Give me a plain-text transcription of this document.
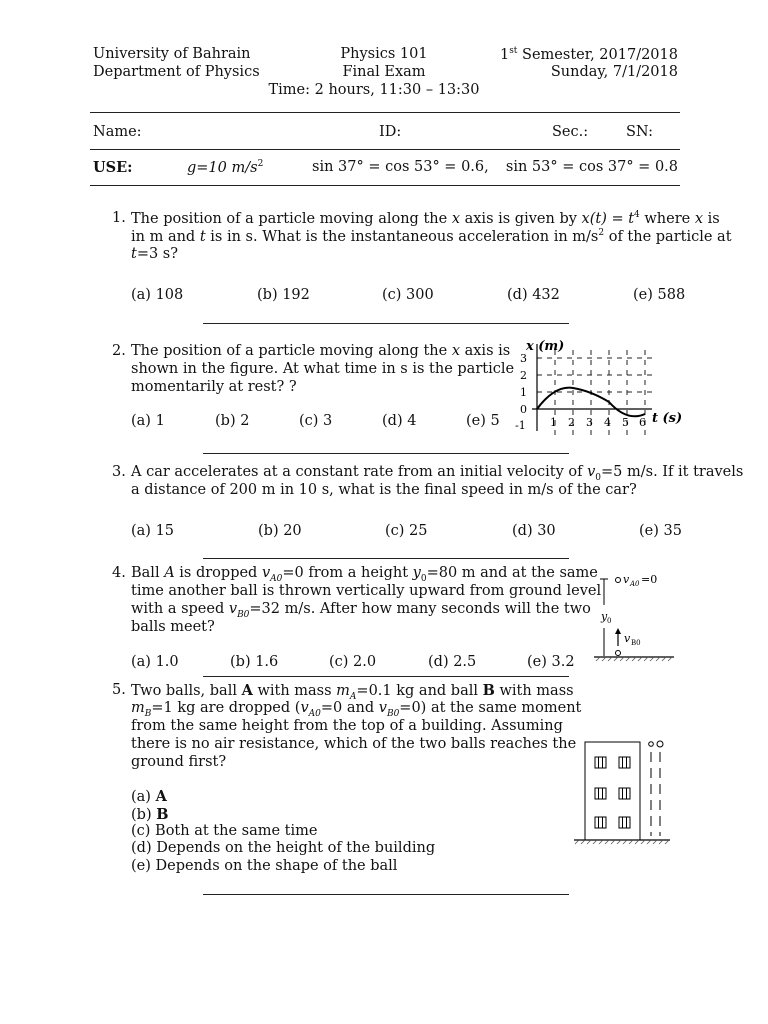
University of Bahrain
Department of Physics
Physics 101
Final Exam
Time: 2 hours, 11:30 – 13:30
1st Semester, 2017/2018
Sunday, 7/1/2018
Name:	ID:	Sec.:	SN:
USE:	g=10 $m/s^2$	sin 37° = cos 53° = 0.6, sin 53° = cos 37° = 0.8
1. The position of a particle moving along the x axis is given by $x(t) = t^4$ where x is
in m and t is in s. What is the instantaneous acceleration in $m/s^2$ of the particle at
t=3 s?
(a) 108	(b) 192	(c) 300	(d) 432	(e) 588
2. The position of a particle moving along the x axis is
shown in the figure. At what time in s is the particle
momentarily at rest? ?
(a) 1	(b) 2	(c) 3	(d) 4	(e) 5
x (m)
t (s)
3
2
1
0
-1 1 2 3 4 5 6
3. A car accelerates at a constant rate from an initial velocity of $v_0=5$ m/s. If it travels
a distance of 200 m in 10 s, what is the final speed in m/s of the car?
(a) 15	(b) 20	(c) 25	(d) 30	(e) 35
4. Ball A is dropped $v_{A0}=0$ from a height $y_0=80$ m and at the same
time another ball is thrown vertically upward from ground level
with a speed $v_{B0}=32$ m/s. After how many seconds will the two
balls meet?
(a) 1.0	(b) 1.6	(c) 2.0	(d) 2.5	(e) 3.2
v A0 =0
y 0
v B0
5. Two balls, ball A with mass $m_A=0.1$ kg and ball B with mass
$m_B=1$ kg are dropped ($v_{A0}=0$ and $v_{B0}=0$) at the same moment
from the same height from the top of a building. Assuming
there is no air resistance, which of the two balls reaches the
ground first?
(a) A
(b) B
(c) Both at the same time
(d) Depends on the height of the building
(e) Depends on the shape of the ball
